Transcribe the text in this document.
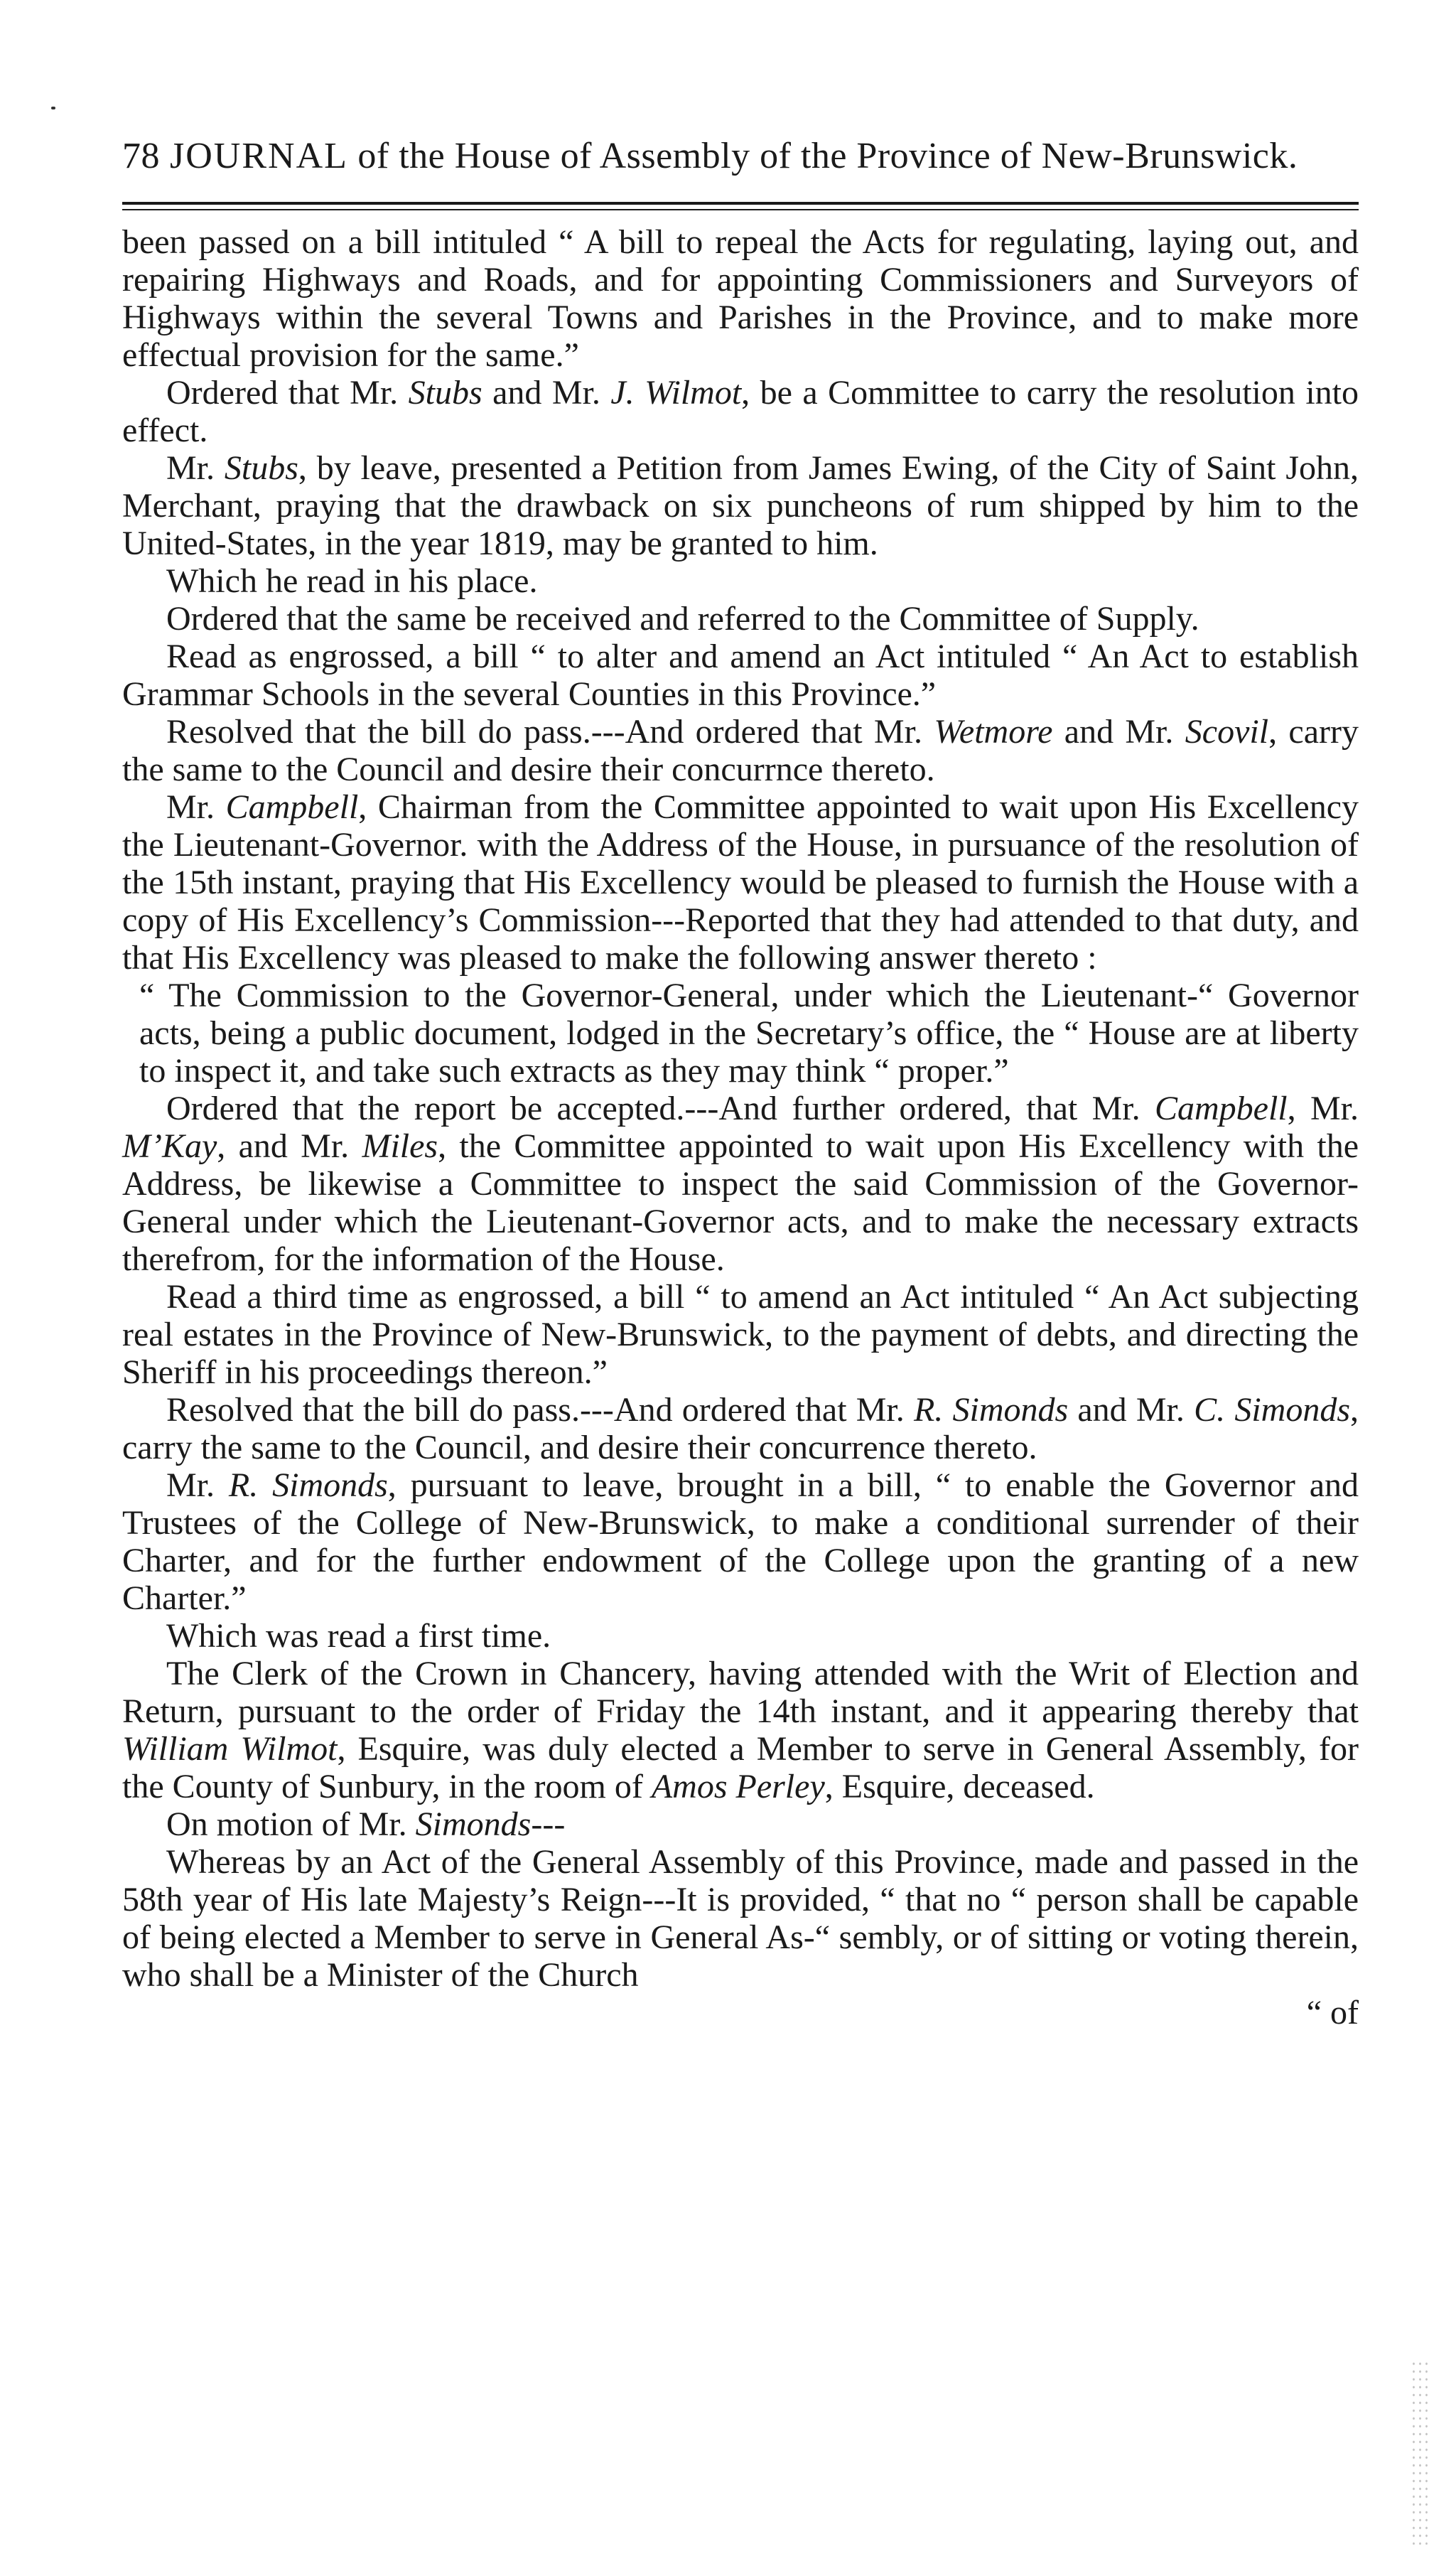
78 JOURNAL of the House of Assembly of the Province of New-Brunswick.

been passed on a bill intituled “ A bill to repeal the Acts for regulating, laying out, and repairing Highways and Roads, and for appointing Commissioners and Surveyors of Highways within the several Towns and Parishes in the Province, and to make more effectual provision for the same.”

Ordered that Mr. Stubs and Mr. J. Wilmot, be a Committee to carry the resolution into effect.

Mr. Stubs, by leave, presented a Petition from James Ewing, of the City of Saint John, Merchant, praying that the drawback on six puncheons of rum shipped by him to the United-States, in the year 1819, may be granted to him.

Which he read in his place.

Ordered that the same be received and referred to the Committee of Supply.

Read as engrossed, a bill “ to alter and amend an Act intituled “ An Act to establish Grammar Schools in the several Counties in this Province.”

Resolved that the bill do pass.---And ordered that Mr. Wetmore and Mr. Scovil, carry the same to the Council and desire their concurrnce thereto.

Mr. Campbell, Chairman from the Committee appointed to wait upon His Excellency the Lieutenant-Governor. with the Address of the House, in pursuance of the resolution of the 15th instant, praying that His Excellency would be pleased to furnish the House with a copy of His Excellency’s Commission---Reported that they had attended to that duty, and that His Excellency was pleased to make the following answer thereto :

“ The Commission to the Governor-General, under which the Lieutenant-“ Governor acts, being a public document, lodged in the Secretary’s office, the “ House are at liberty to inspect it, and take such extracts as they may think “ proper.”

Ordered that the report be accepted.---And further ordered, that Mr. Campbell, Mr. M’Kay, and Mr. Miles, the Committee appointed to wait upon His Excellency with the Address, be likewise a Committee to inspect the said Commission of the Governor-General under which the Lieutenant-Governor acts, and to make the necessary extracts therefrom, for the information of the House.

Read a third time as engrossed, a bill “ to amend an Act intituled “ An Act subjecting real estates in the Province of New-Brunswick, to the payment of debts, and directing the Sheriff in his proceedings thereon.”

Resolved that the bill do pass.---And ordered that Mr. R. Simonds and Mr. C. Simonds, carry the same to the Council, and desire their concurrence thereto.

Mr. R. Simonds, pursuant to leave, brought in a bill, “ to enable the Governor and Trustees of the College of New-Brunswick, to make a conditional surrender of their Charter, and for the further endowment of the College upon the granting of a new Charter.”

Which was read a first time.

The Clerk of the Crown in Chancery, having attended with the Writ of Election and Return, pursuant to the order of Friday the 14th instant, and it appearing thereby that William Wilmot, Esquire, was duly elected a Member to serve in General Assembly, for the County of Sunbury, in the room of Amos Perley, Esquire, deceased.

On motion of Mr. Simonds---

Whereas by an Act of the General Assembly of this Province, made and passed in the 58th year of His late Majesty’s Reign---It is provided, “ that no “ person shall be capable of being elected a Member to serve in General As-“ sembly, or of sitting or voting therein, who shall be a Minister of the Church

“ of
